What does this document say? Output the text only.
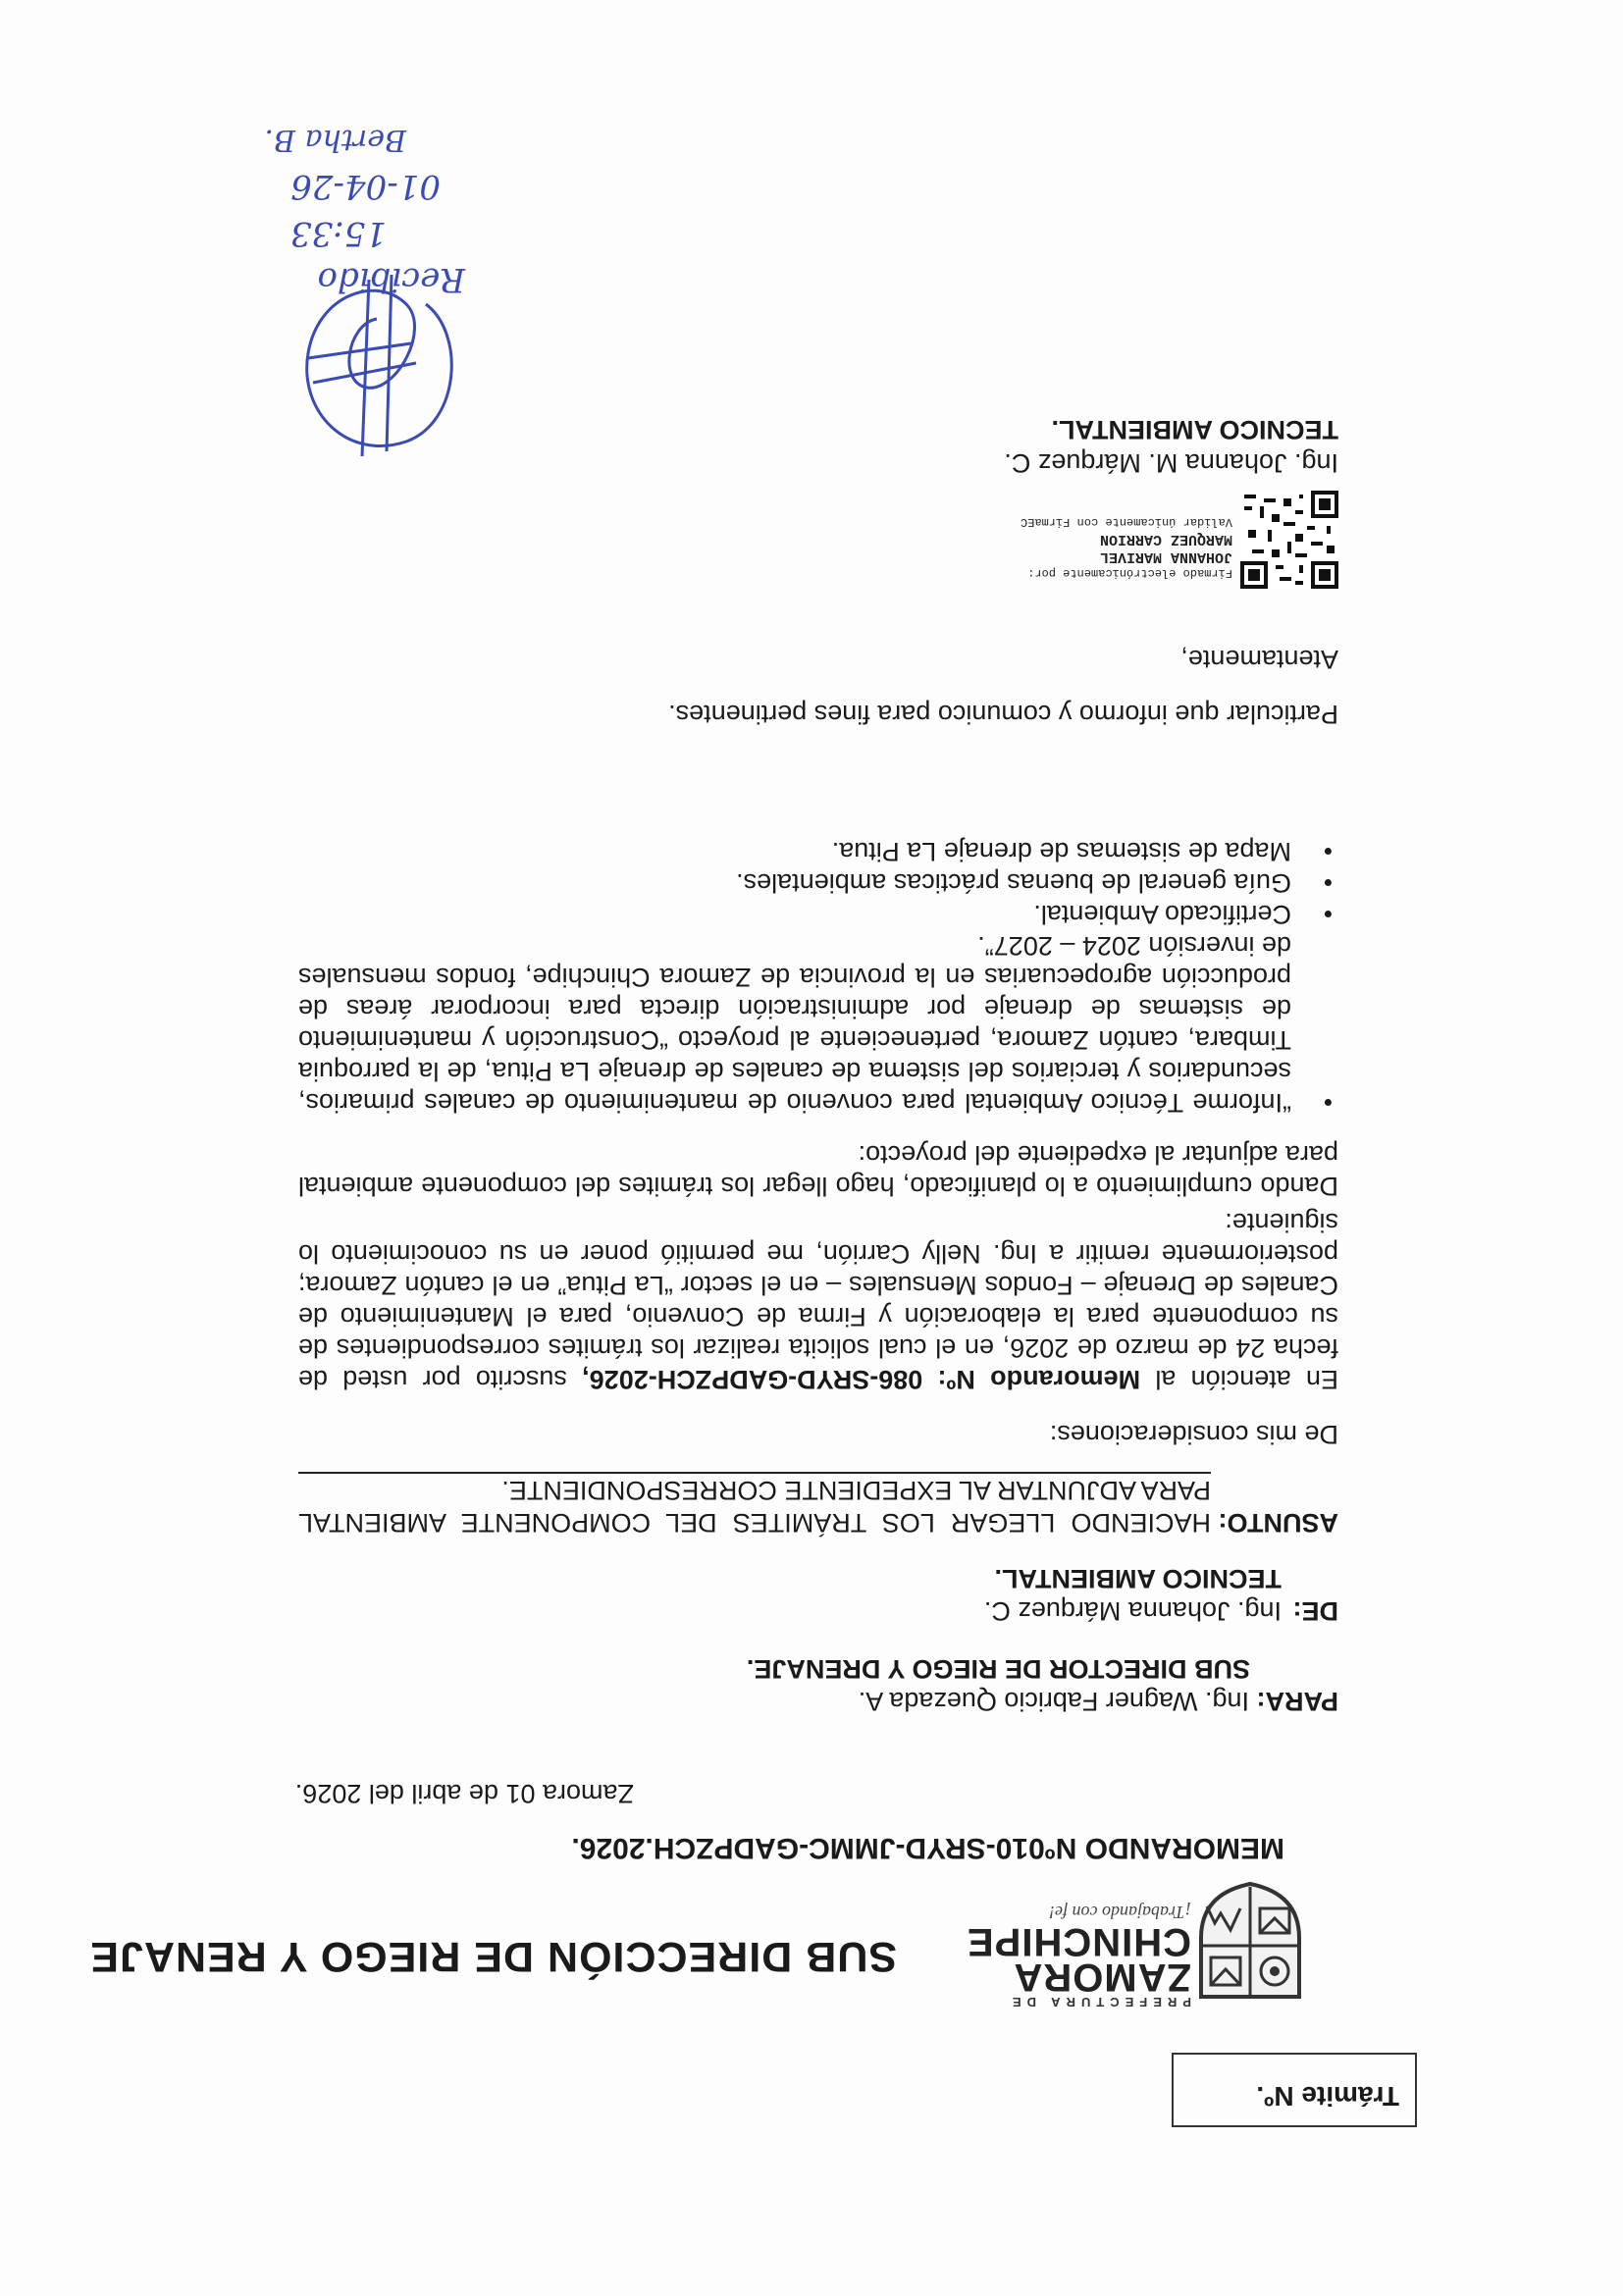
Trámite Nº.
PREFECTURA DE
ZAMORA
CHINCHIPE
¡Trabajando con fe!
SUB DIRECCIÓN DE RIEGO Y RENAJE
MEMORANDO Nº010-SRYD-JMMC-GADPZCH.2026.
Zamora 01 de abril del 2026.
PARA: Ing. Wagner Fabricio Quezada A.
SUB DIRECTOR DE RIEGO Y DRENAJE.
DE:
Ing. Johanna Márquez C.
TECNICO AMBIENTAL.
ASUNTO:
HACIENDO LLEGAR LOS TRÁMITES DEL COMPONENTE AMBIENTAL PARA ADJUNTAR AL EXPEDIENTE CORRESPONDIENTE.
De mis consideraciones:
En atención al Memorando Nº: 086-SRYD-GADPZCH-2026, suscrito por usted de fecha 24 de marzo de 2026, en el cual solicita realizar los trámites correspondientes de su componente para la elaboración y Firma de Convenio, para el Mantenimiento de Canales de Drenaje – Fondos Mensuales – en el sector “La Pitua” en el cantón Zamora; posteriormente remitir a Ing. Nelly Carrión, me permitió poner en su conocimiento lo siguiente:
Dando cumplimiento a lo planificado, hago llegar los trámites del componente ambiental para adjuntar al expediente del proyecto:
• “Informe Técnico Ambiental para convenio de mantenimiento de canales primarios, secundarios y terciarios del sistema de canales de drenaje La Pitua, de la parroquia Timbara, cantón Zamora, perteneciente al proyecto “Construcción y mantenimiento de sistemas de drenaje por administración directa para incorporar áreas de producción agropecuarias en la provincia de Zamora Chinchipe, fondos mensuales de inversión 2024 – 2027”.
• Certificado Ambiental.
• Guía general de buenas prácticas ambientales.
• Mapa de sistemas de drenaje La Pitua.
Particular que informo y comunico para fines pertinentes.
Atentamente,
Firmado electrónicamente por:
JOHANNA MARIVEL
MARQUEZ CARRION
Validar únicamente con FirmaEC
Ing. Johanna M. Márquez C.
TECNICO AMBIENTAL.
Recibido
15:33
01-04-26
Bertha B.
